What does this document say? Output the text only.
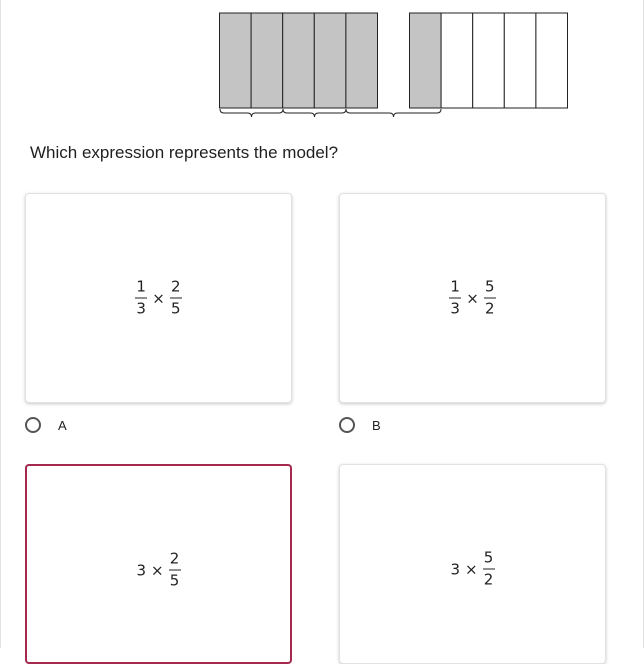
Which expression represents the model?
$\frac{1}{3} \times \frac{2}{5}$
A
$\frac{1}{3} \times \frac{5}{2}$
B
$3 \times \frac{2}{5}$	$3 \times \frac{5}{2}$
